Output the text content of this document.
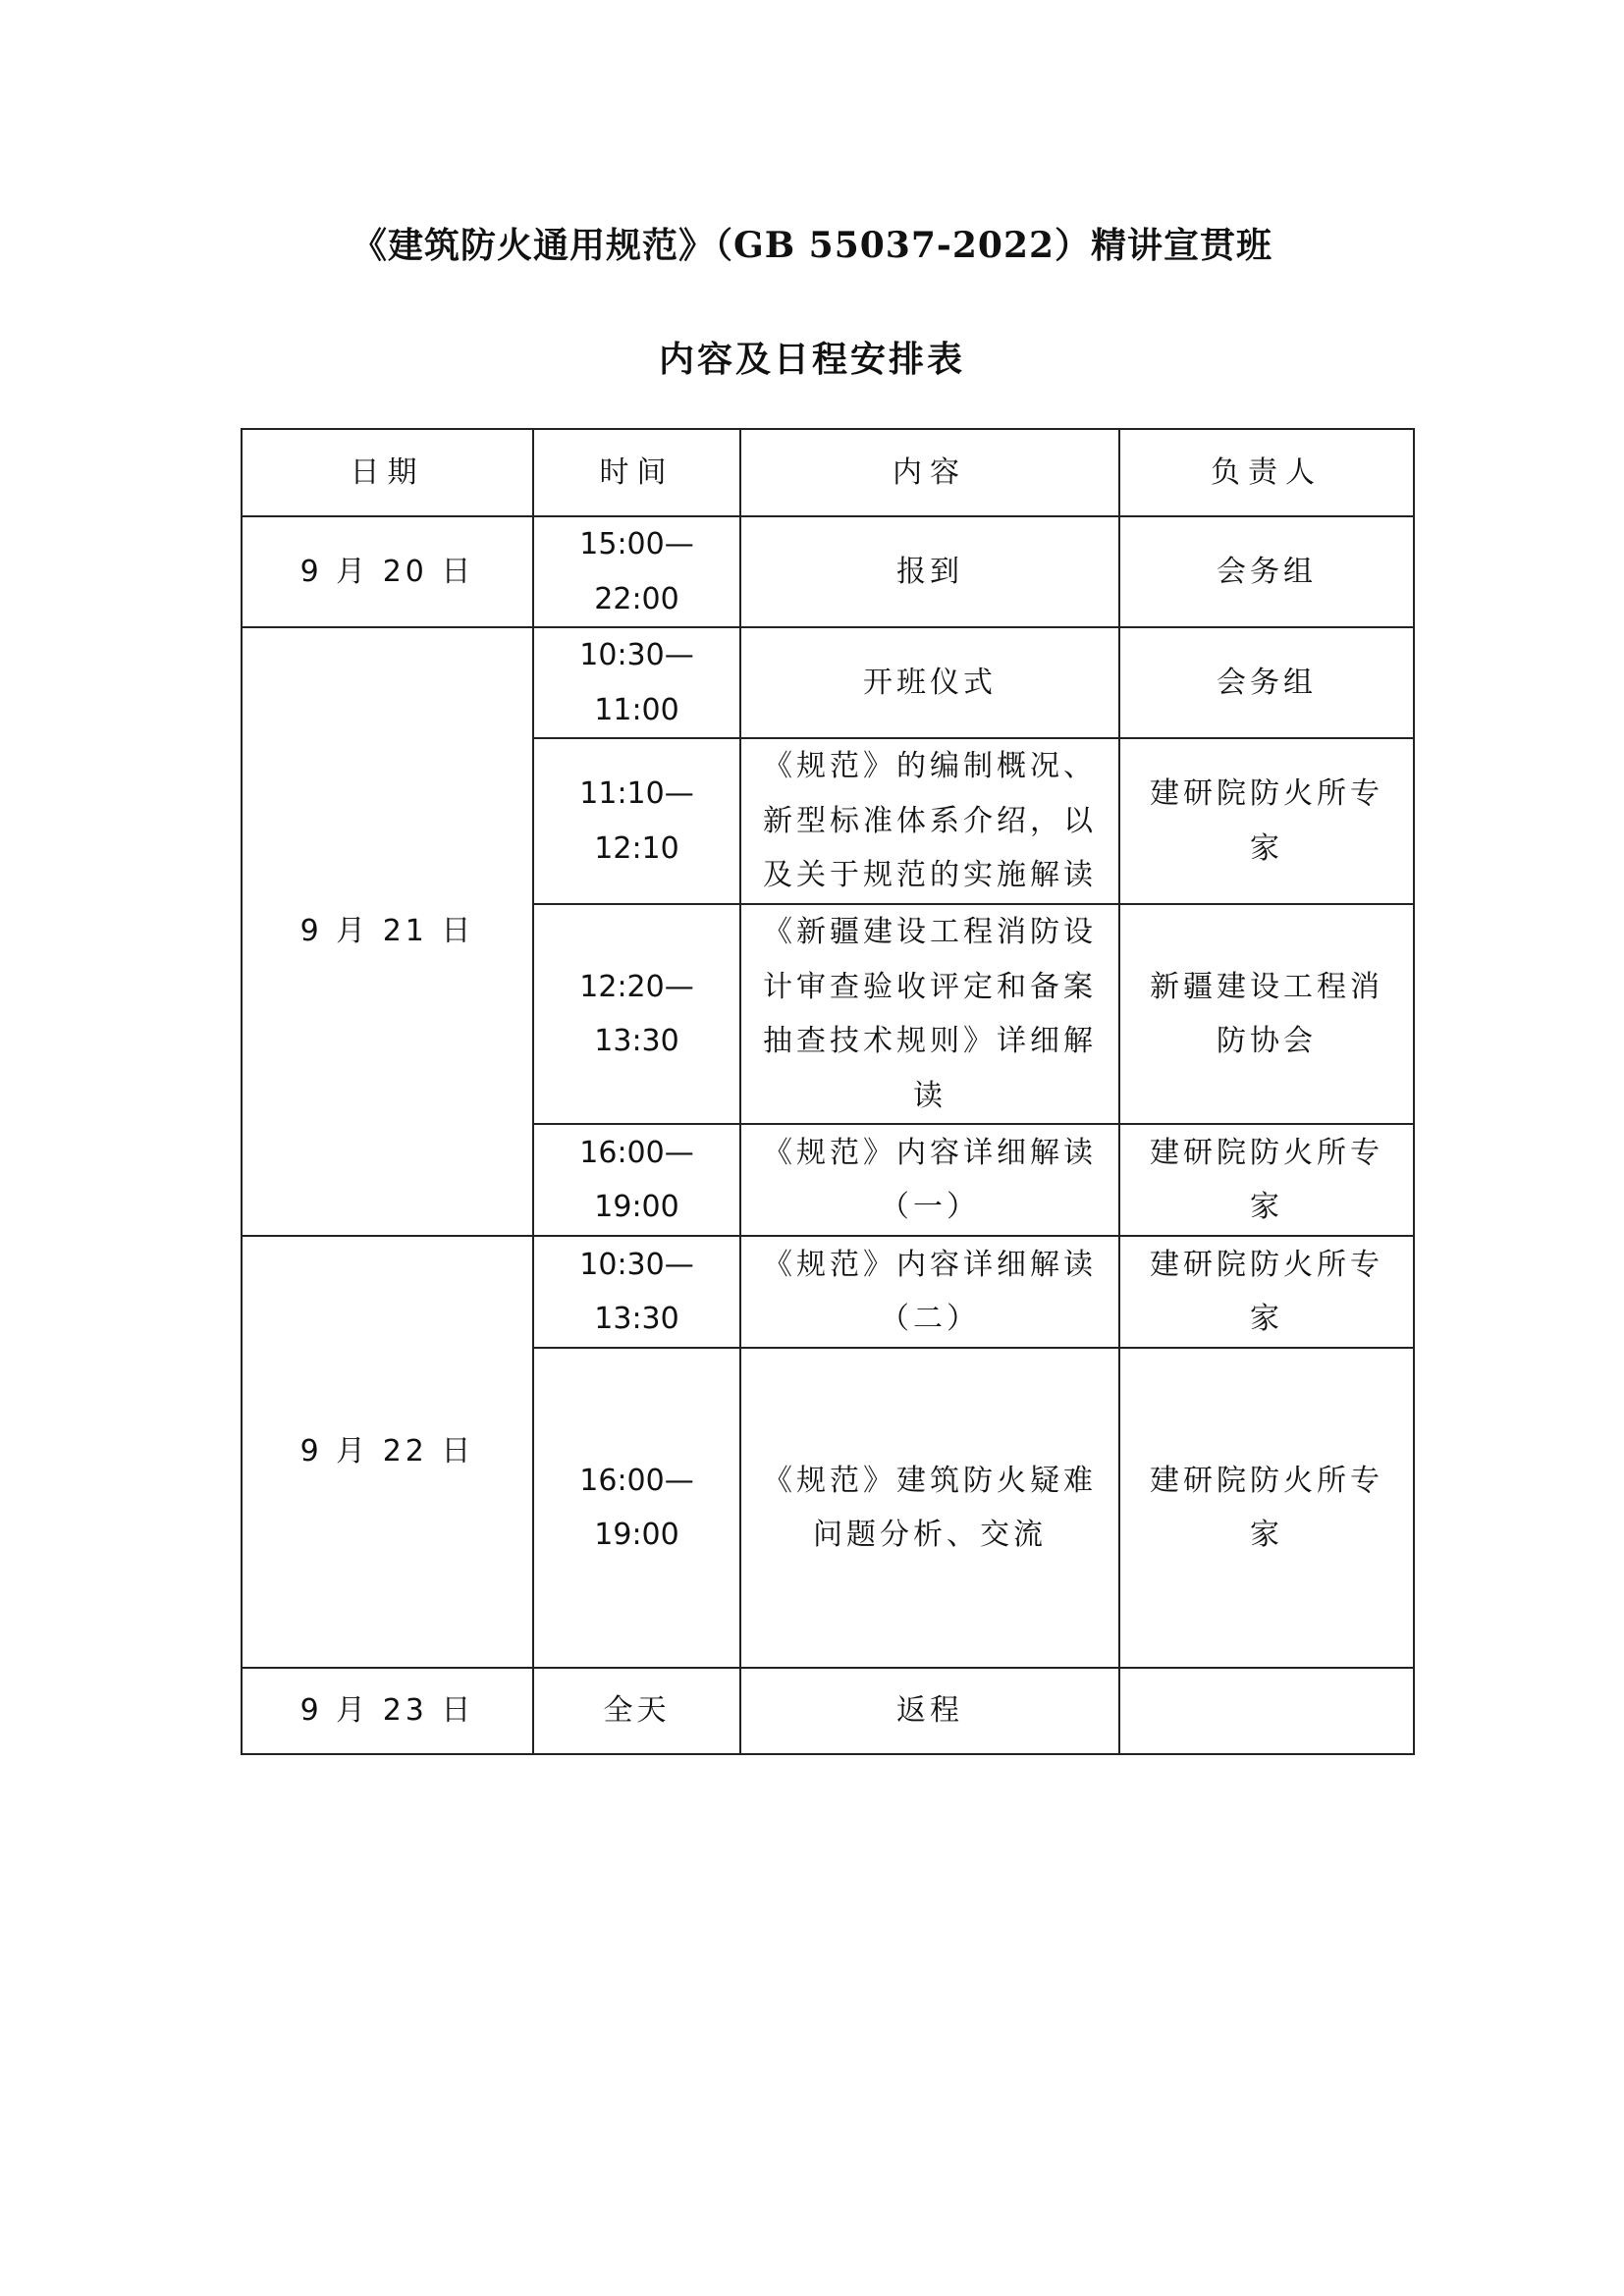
《建筑防火通用规范》（GB 55037-2022）精讲宣贯班
内容及日程安排表
日期	时间	内容	负责人
9 月 20 日	15:00—22:00	报到	会务组
9 月 21 日	10:30—11:00	开班仪式	会务组
	11:10—12:10	《规范》的编制概况、新型标准体系介绍，以及关于规范的实施解读	建研院防火所专家
	12:20—13:30	《新疆建设工程消防设计审查验收评定和备案抽查技术规则》详细解读	新疆建设工程消防协会
	16:00—19:00	《规范》内容详细解读（一）	建研院防火所专家
9 月 22 日	10:30—13:30	《规范》内容详细解读（二）	建研院防火所专家
	16:00—19:00	《规范》建筑防火疑难问题分析、交流	建研院防火所专家
9 月 23 日	全天	返程	
